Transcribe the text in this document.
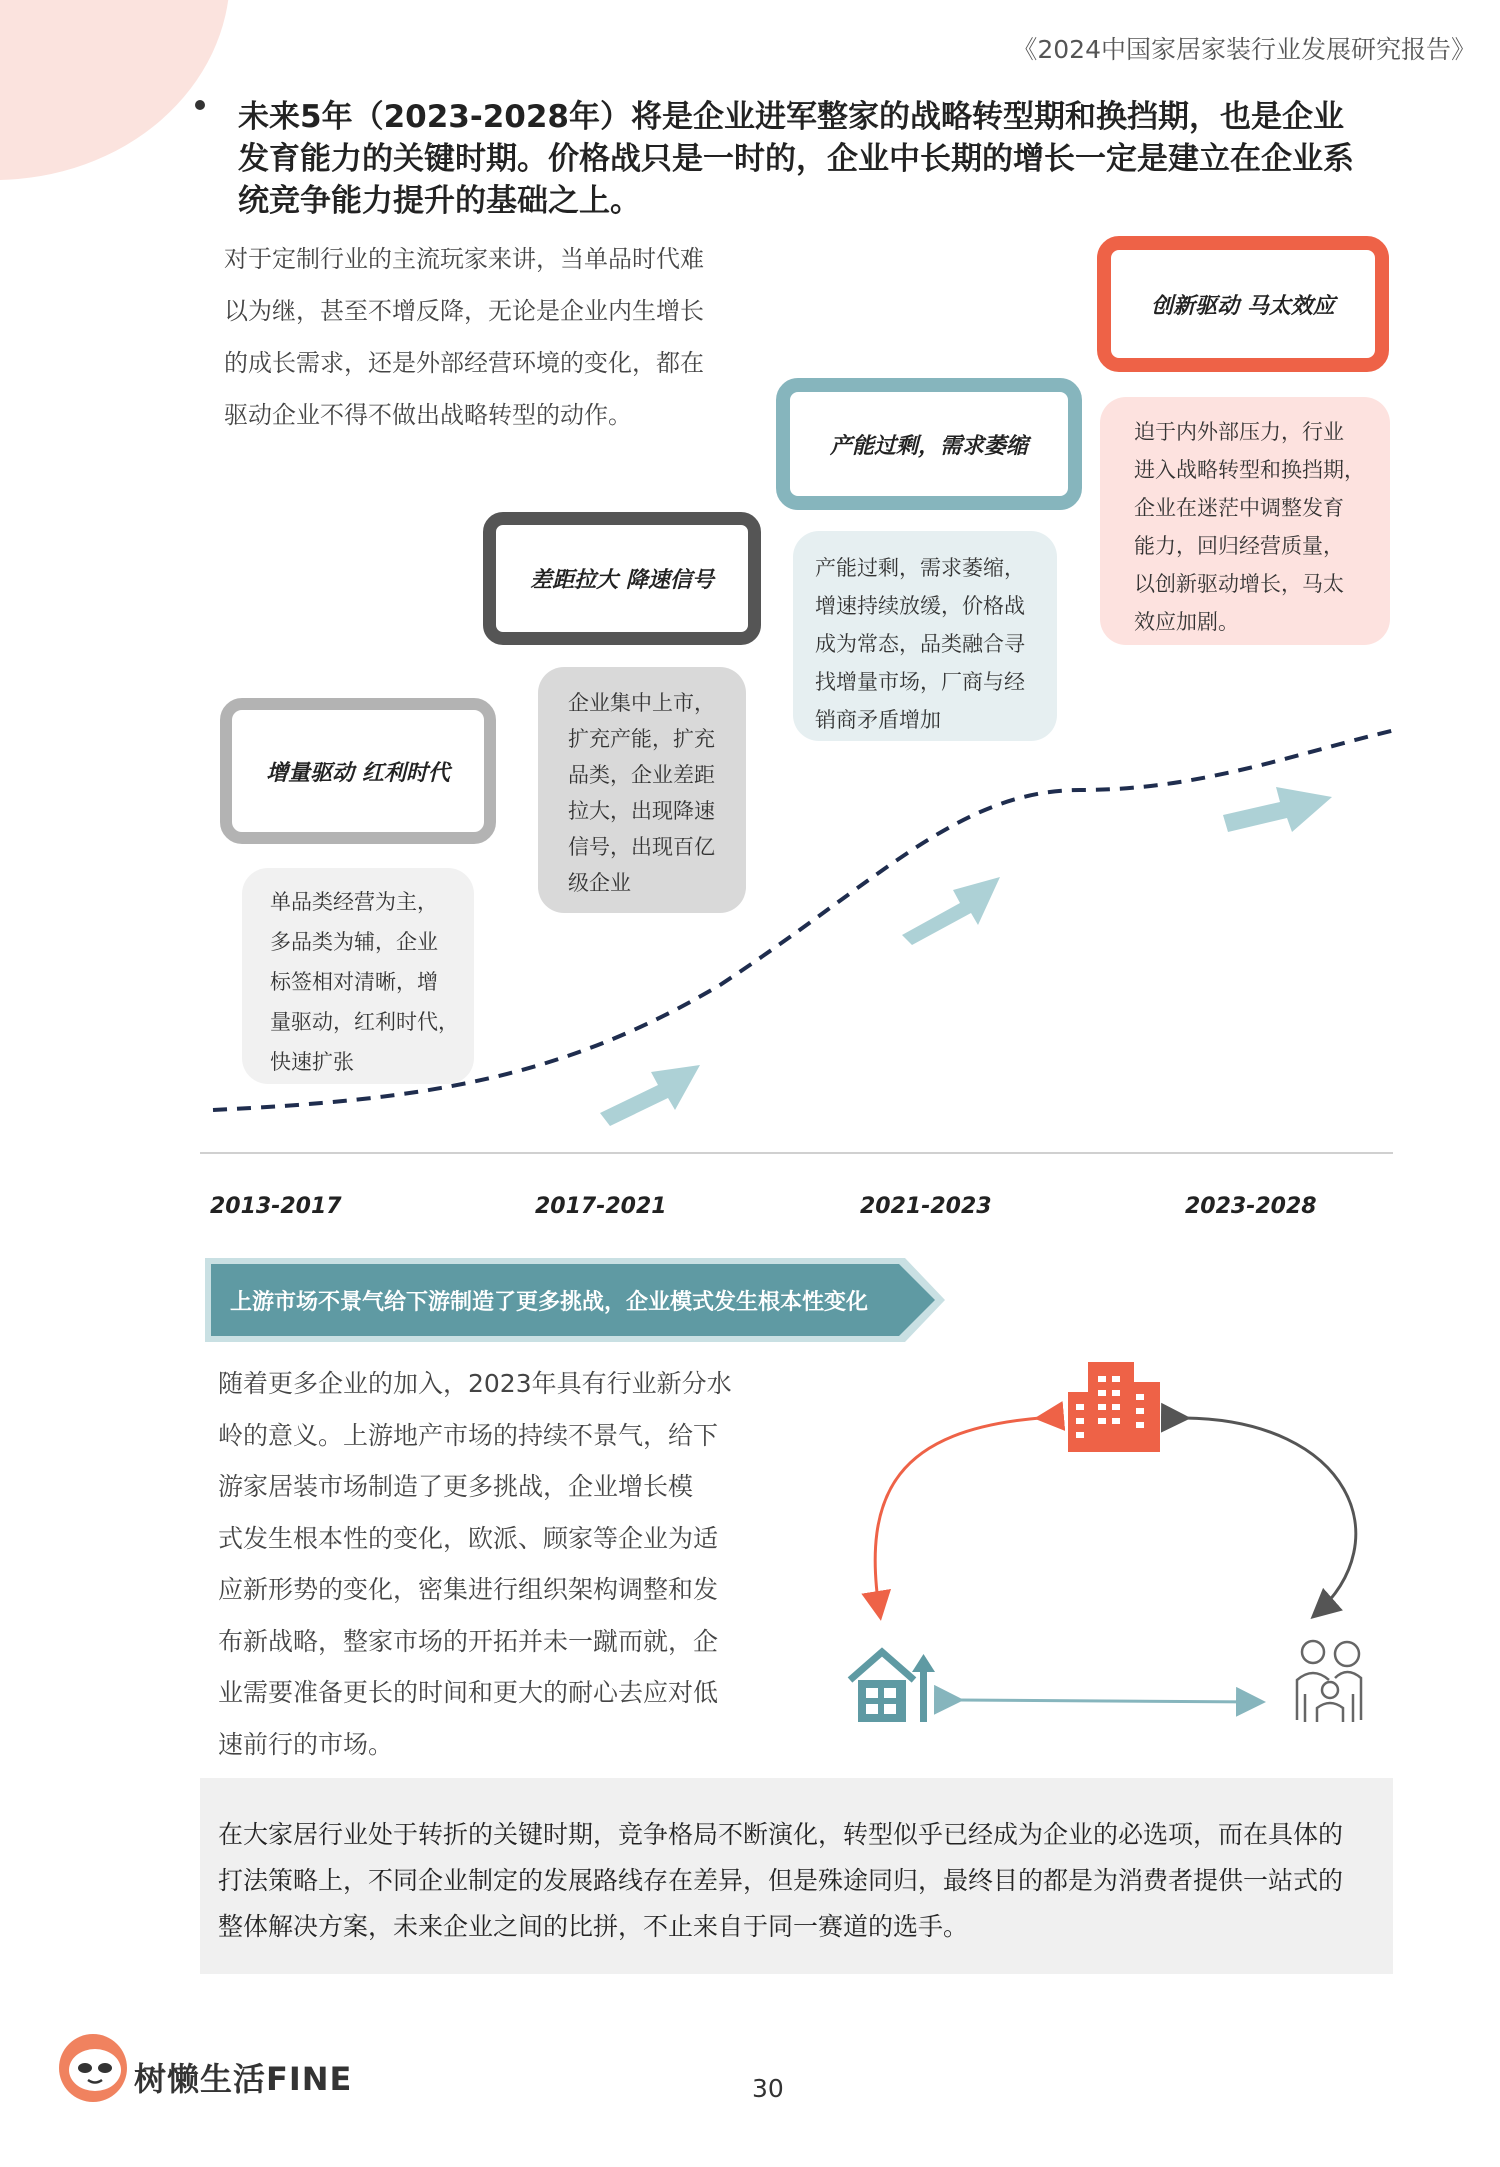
《2024中国家居家装行业发展研究报告》
未来5年（2023-2028年）将是企业进军整家的战略转型期和换挡期，也是企业发育能力的关键时期。价格战只是一时的，企业中长期的增长一定是建立在企业系统竞争能力提升的基础之上。
对于定制行业的主流玩家来讲，当单品时代难
以为继，甚至不增反降，无论是企业内生增长
的成长需求，还是外部经营环境的变化，都在
驱动企业不得不做出战略转型的动作。
增量驱动 红利时代
差距拉大 降速信号
产能过剩，需求萎缩
创新驱动 马太效应
单品类经营为主，
多品类为辅，企业
标签相对清晰，增
量驱动，红利时代，
快速扩张
企业集中上市，
扩充产能，扩充
品类，企业差距
拉大，出现降速
信号，出现百亿
级企业
产能过剩，需求萎缩，
增速持续放缓，价格战
成为常态，品类融合寻
找增量市场，厂商与经
销商矛盾增加
迫于内外部压力，行业
进入战略转型和换挡期，
企业在迷茫中调整发育
能力，回归经营质量，
以创新驱动增长，马太
效应加剧。
2013-2017	2017-2021	2021-2023	2023-2028
上游市场不景气给下游制造了更多挑战，企业模式发生根本性变化
随着更多企业的加入，2023年具有行业新分水
岭的意义。上游地产市场的持续不景气，给下
游家居装市场制造了更多挑战，企业增长模
式发生根本性的变化，欧派、顾家等企业为适
应新形势的变化，密集进行组织架构调整和发
布新战略，整家市场的开拓并未一蹴而就，企
业需要准备更长的时间和更大的耐心去应对低
速前行的市场。

在大家居行业处于转折的关键时期，竞争格局不断演化，转型似乎已经成为企业的必选项，而在具体的

打法策略上，不同企业制定的发展路线存在差异，但是殊途同归，最终目的都是为消费者提供一站式的

整体解决方案，未来企业之间的比拼，不止来自于同一赛道的选手。

树懒生活FINE	30
